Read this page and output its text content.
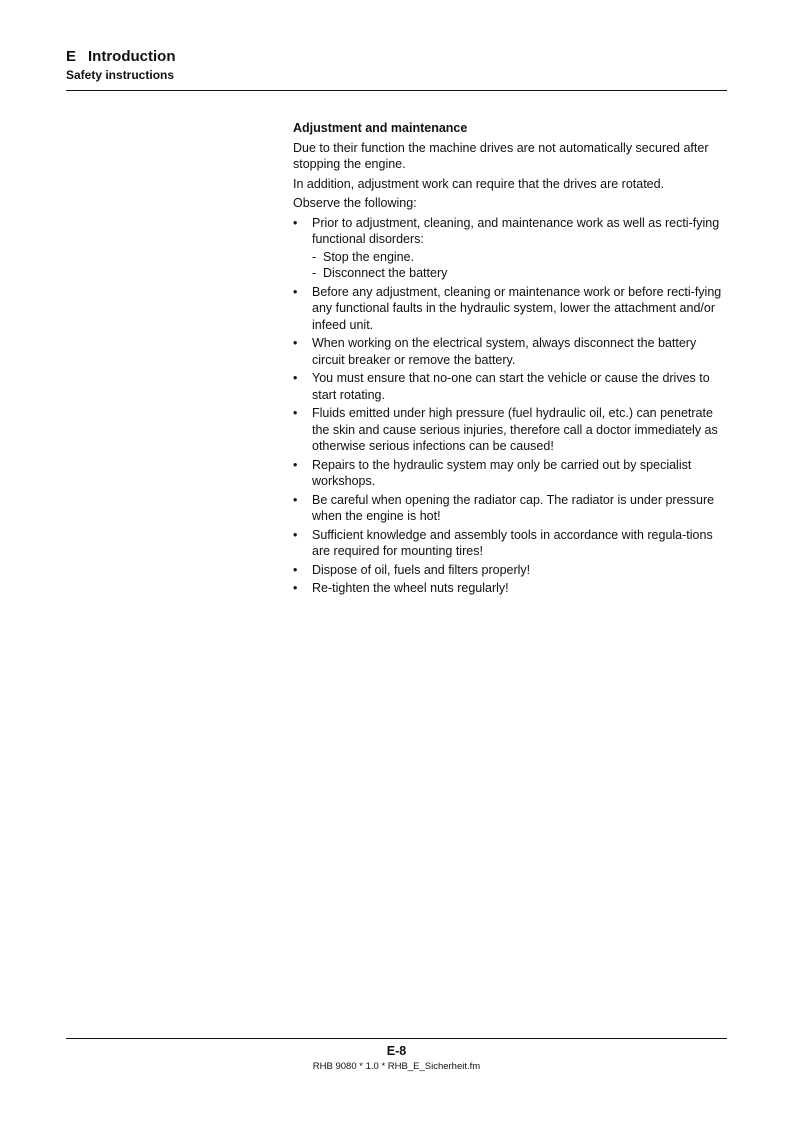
E Introduction
Safety instructions
Adjustment and maintenance

Due to their function the machine drives are not automatically secured after stopping the engine.

In addition, adjustment work can require that the drives are rotated.

Observe the following:

• Prior to adjustment, cleaning, and maintenance work as well as recti-fying functional disorders:
- Stop the engine.
- Disconnect the battery
• Before any adjustment, cleaning or maintenance work or before recti-fying any functional faults in the hydraulic system, lower the attachment and/or infeed unit.
• When working on the electrical system, always disconnect the battery circuit breaker or remove the battery.
• You must ensure that no-one can start the vehicle or cause the drives to start rotating.
• Fluids emitted under high pressure (fuel hydraulic oil, etc.) can penetrate the skin and cause serious injuries, therefore call a doctor immediately as otherwise serious infections can be caused!
• Repairs to the hydraulic system may only be carried out by specialist workshops.
• Be careful when opening the radiator cap. The radiator is under pressure when the engine is hot!
• Sufficient knowledge and assembly tools in accordance with regula-tions are required for mounting tires!
• Dispose of oil, fuels and filters properly!
• Re-tighten the wheel nuts regularly!
E-8
RHB 9080 * 1.0 * RHB_E_Sicherheit.fm
